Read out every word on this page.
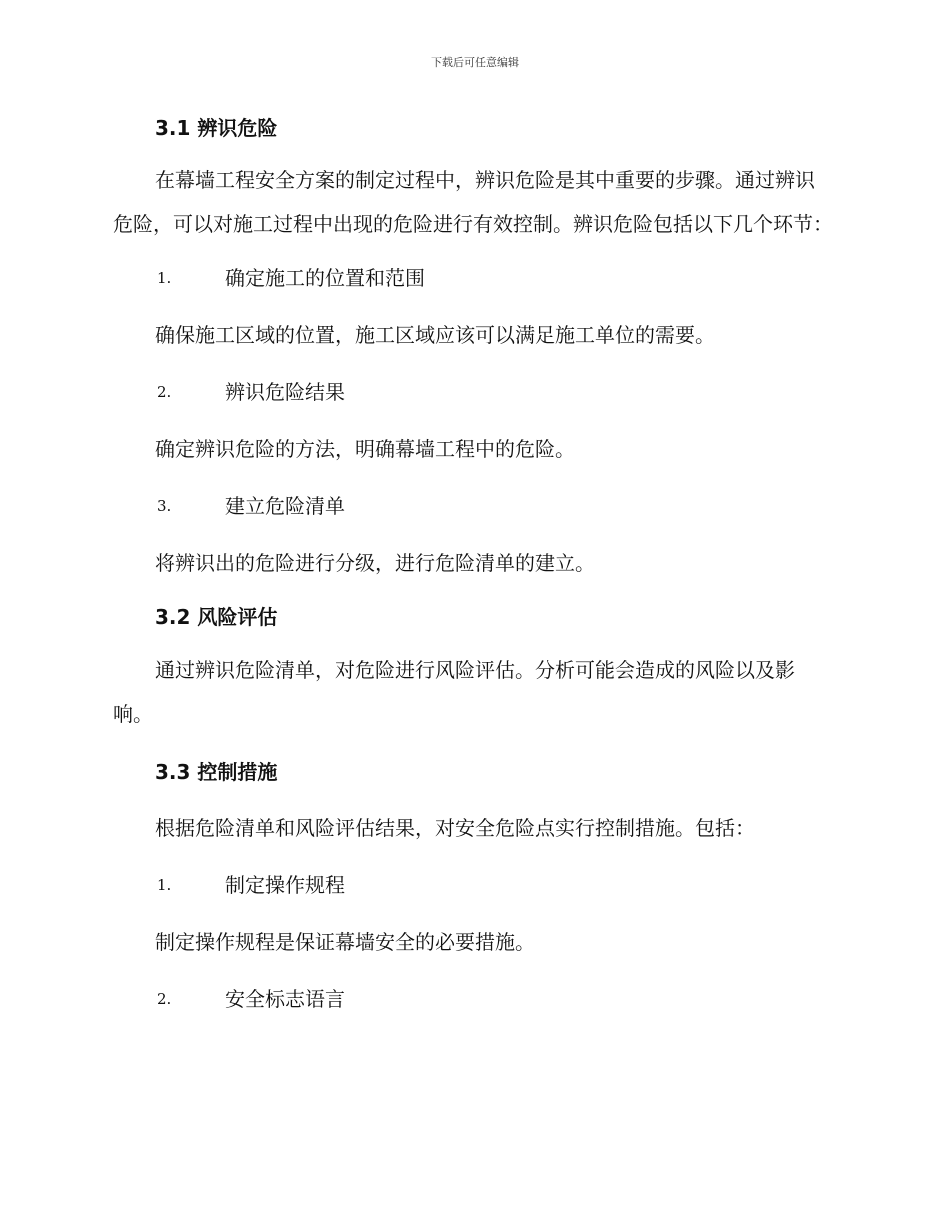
下载后可任意编辑

3.1 辨识危险

在幕墙工程安全方案的制定过程中，辨识危险是其中重要的步骤。通过辨识危险，可以对施工过程中出现的危险进行有效控制。辨识危险包括以下几个环节：

1.	确定施工的位置和范围

确保施工区域的位置，施工区域应该可以满足施工单位的需要。

2.	辨识危险结果

确定辨识危险的方法，明确幕墙工程中的危险。

3.	建立危险清单

将辨识出的危险进行分级，进行危险清单的建立。

3.2 风险评估

通过辨识危险清单，对危险进行风险评估。分析可能会造成的风险以及影响。

3.3 控制措施

根据危险清单和风险评估结果，对安全危险点实行控制措施。包括：

1.	制定操作规程

制定操作规程是保证幕墙安全的必要措施。

2.	安全标志语言
